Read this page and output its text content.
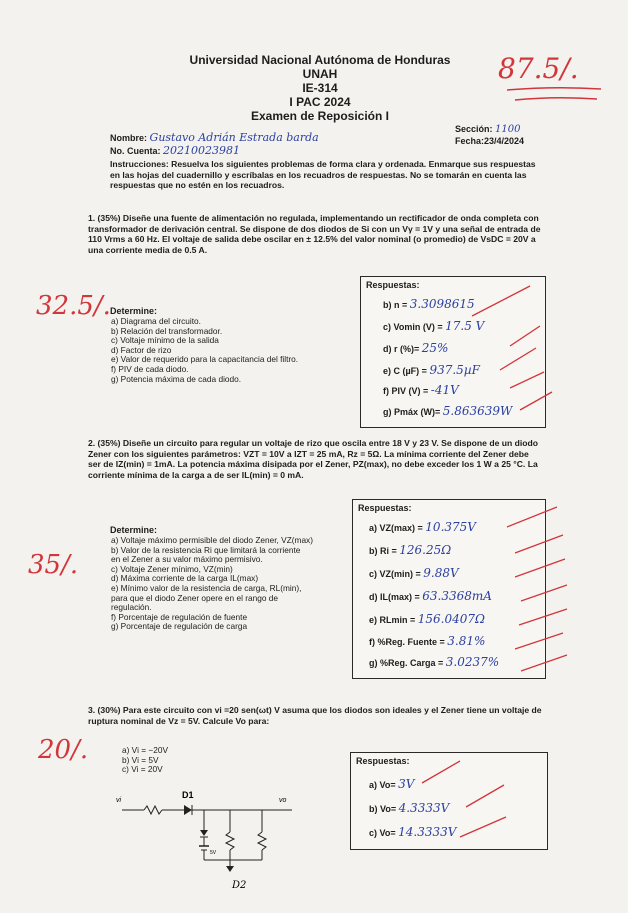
Universidad Nacional Autónoma de Honduras
UNAH
IE-314
I PAC 2024
Examen de Reposición I
87.5/.
Nombre: Gustavo Adrián Estrada barda
No. Cuenta: 20210023981
Sección: 1100
Fecha:23/4/2024
Instrucciones: Resuelva los siguientes problemas de forma clara y ordenada. Enmarque sus respuestas en las hojas del cuadernillo y escríbalas en los recuadros de respuestas. No se tomarán en cuenta las respuestas que no estén en los recuadros.
1. (35%) Diseñe una fuente de alimentación no regulada, implementando un rectificador de onda completa con transformador de derivación central. Se dispone de dos diodos de Si con un Vγ = 1V y una señal de entrada de 110 Vrms a 60 Hz. El voltaje de salida debe oscilar en ± 12.5% del valor nominal (o promedio) de VsDC = 20V a una corriente media de 0.5 A.
32.5/. Determine:
a) Diagrama del circuito.
b) Relación del transformador.
c) Voltaje mínimo de la salida
d) Factor de rizo
e) Valor de requerido para la capacitancia del filtro.
f) PIV de cada diodo.
g) Potencia máxima de cada diodo.
Respuestas:
b) n = 3.3098615
c) Vomin (V) = 17.5 V
d) r (%)= 25%
e) C (µF) = 937.5µF
f) PIV (V) = -41V
g) Pmáx (W)= 5.863639W
2. (35%) Diseñe un circuito para regular un voltaje de rizo que oscila entre 18 V y 23 V. Se dispone de un diodo Zener con los siguientes parámetros: VZT = 10V a IZT = 25 mA, Rz = 5Ω. La mínima corriente del Zener debe ser de IZ(min) = 1mA. La potencia máxima disipada por el Zener, PZ(max), no debe exceder los 1 W a 25 °C. La corriente mínima de la carga a de ser IL(min) = 0 mA.
35/.
Determine:
a) Voltaje máximo permisible del diodo Zener, VZ(max)
b) Valor de la resistencia Ri que limitará la corriente
en el Zener a su valor máximo permisivo.
c) Voltaje Zener mínimo, VZ(min)
d) Máxima corriente de la carga IL(max)
e) Mínimo valor de la resistencia de carga, RL(min),
para que el diodo Zener opere en el rango de
regulación.
f) Porcentaje de regulación de fuente
g) Porcentaje de regulación de carga
Respuestas:
a) VZ(max) = 10.375V
b) Ri = 126.25Ω
c) VZ(min) = 9.88V
d) IL(max) = 63.3368mA
e) RLmin = 156.0407Ω
f) %Reg. Fuente = 3.81%
g) %Reg. Carga = 3.0237%
3. (30%) Para este circuito con vi =20 sen(ωt) V asuma que los diodos son ideales y el Zener tiene un voltaje de ruptura nominal de Vz = 5V. Calcule Vo para:
20/.	a) Vi = −20V
b) Vi = 5V
c) Vi = 20V
vi
D1
vo
5V
D2
Respuestas:
a) Vo= 3V
b) Vo= 4.3333V
c) Vo= 14.3333V
